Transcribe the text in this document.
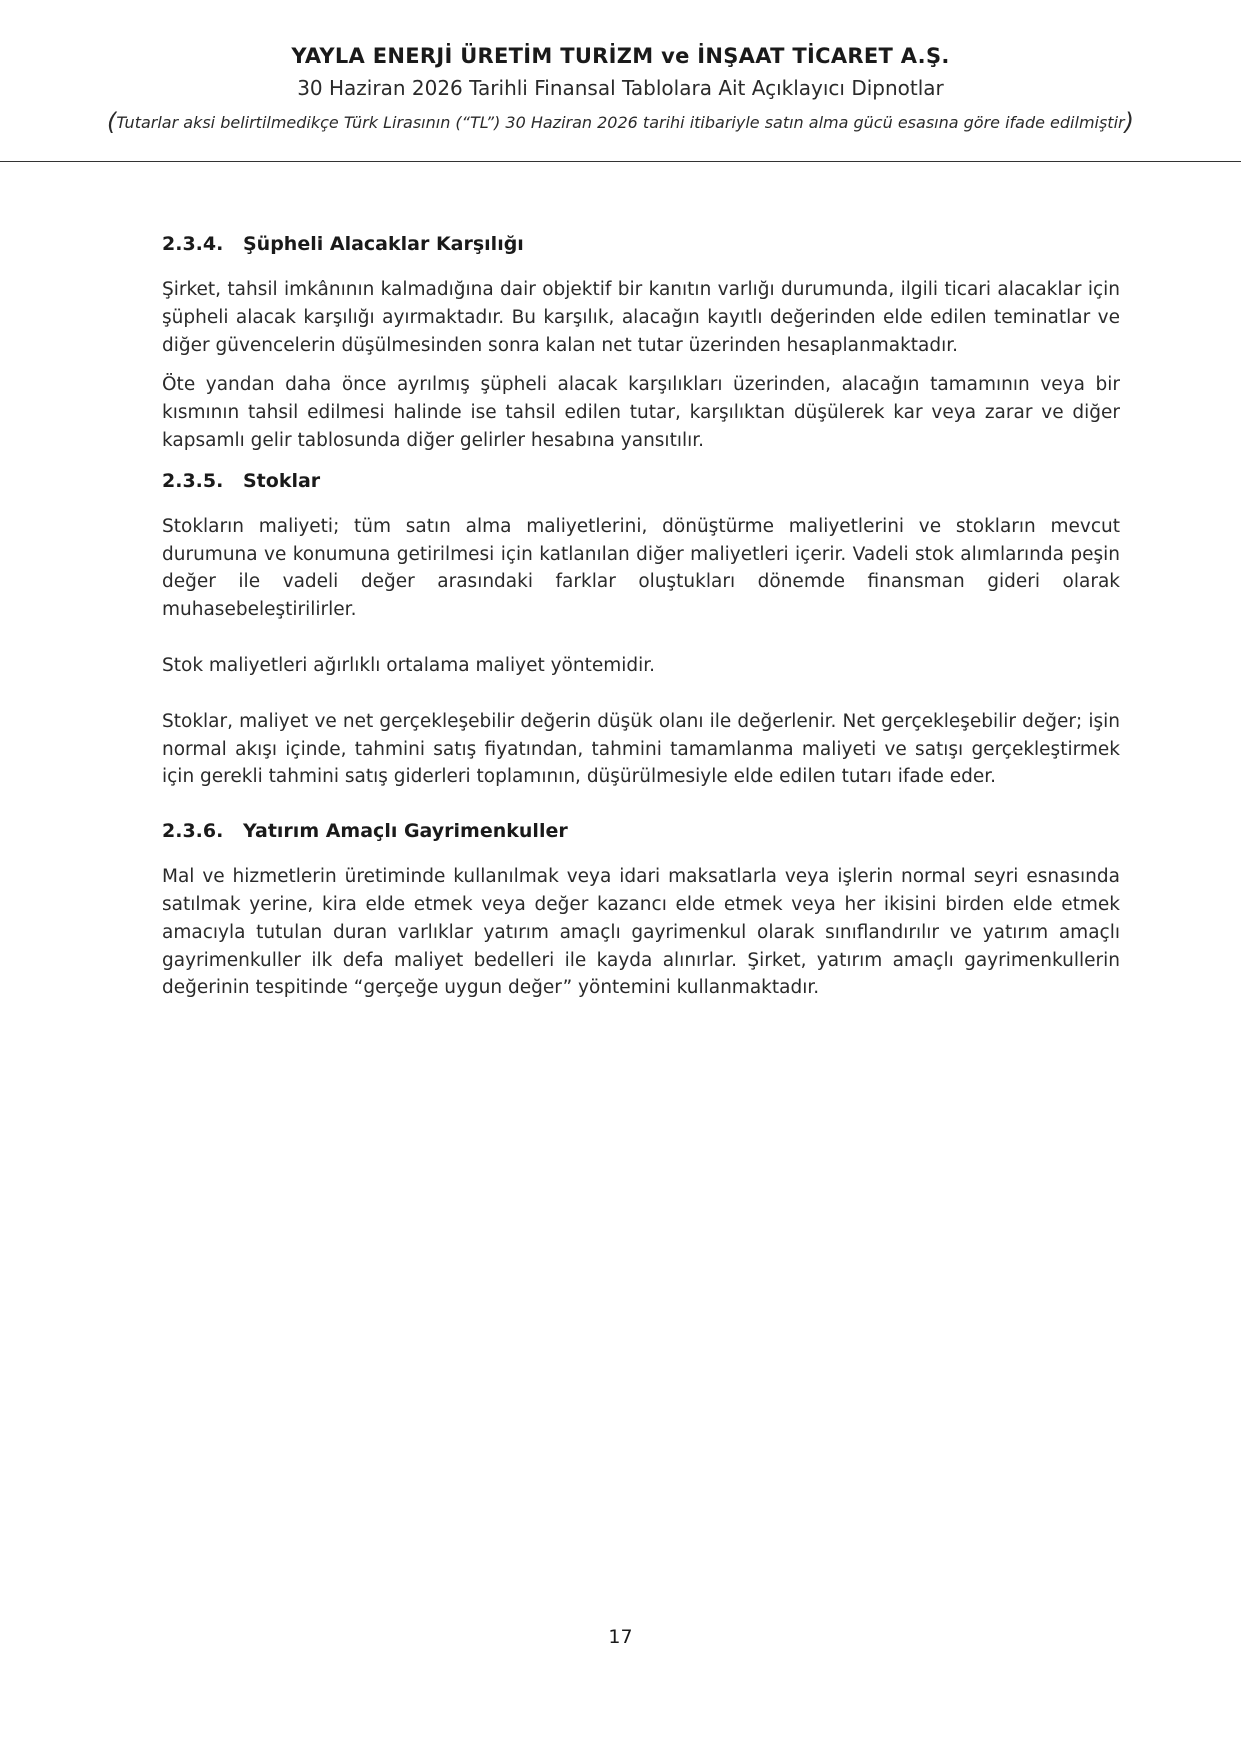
YAYLA ENERJİ ÜRETİM TURİZM ve İNŞAAT TİCARET A.Ş.
30 Haziran 2026 Tarihli Finansal Tablolara Ait Açıklayıcı Dipnotlar
(Tutarlar aksi belirtilmedikçe Türk Lirasının (“TL”) 30 Haziran 2026 tarihi itibariyle satın alma gücü esasına göre ifade edilmiştir)
2.3.4.	Şüpheli Alacaklar Karşılığı

Şirket, tahsil imkânının kalmadığına dair objektif bir kanıtın varlığı durumunda, ilgili ticari alacaklar için şüpheli alacak karşılığı ayırmaktadır. Bu karşılık, alacağın kayıtlı değerinden elde edilen teminatlar ve diğer güvencelerin düşülmesinden sonra kalan net tutar üzerinden hesaplanmaktadır.

Öte yandan daha önce ayrılmış şüpheli alacak karşılıkları üzerinden, alacağın tamamının veya bir kısmının tahsil edilmesi halinde ise tahsil edilen tutar, karşılıktan düşülerek kar veya zarar ve diğer kapsamlı gelir tablosunda diğer gelirler hesabına yansıtılır.

2.3.5.	Stoklar

Stokların maliyeti; tüm satın alma maliyetlerini, dönüştürme maliyetlerini ve stokların mevcut durumuna ve konumuna getirilmesi için katlanılan diğer maliyetleri içerir. Vadeli stok alımlarında peşin değer ile vadeli değer arasındaki farklar oluştukları dönemde finansman gideri olarak muhasebeleştirilirler.

Stok maliyetleri ağırlıklı ortalama maliyet yöntemidir.

Stoklar, maliyet ve net gerçekleşebilir değerin düşük olanı ile değerlenir. Net gerçekleşebilir değer; işin normal akışı içinde, tahmini satış fiyatından, tahmini tamamlanma maliyeti ve satışı gerçekleştirmek için gerekli tahmini satış giderleri toplamının, düşürülmesiyle elde edilen tutarı ifade eder.

2.3.6.	Yatırım Amaçlı Gayrimenkuller

Mal ve hizmetlerin üretiminde kullanılmak veya idari maksatlarla veya işlerin normal seyri esnasında satılmak yerine, kira elde etmek veya değer kazancı elde etmek veya her ikisini birden elde etmek amacıyla tutulan duran varlıklar yatırım amaçlı gayrimenkul olarak sınıflandırılır ve yatırım amaçlı gayrimenkuller ilk defa maliyet bedelleri ile kayda alınırlar. Şirket, yatırım amaçlı gayrimenkullerin değerinin tespitinde “gerçeğe uygun değer” yöntemini kullanmaktadır.

17
